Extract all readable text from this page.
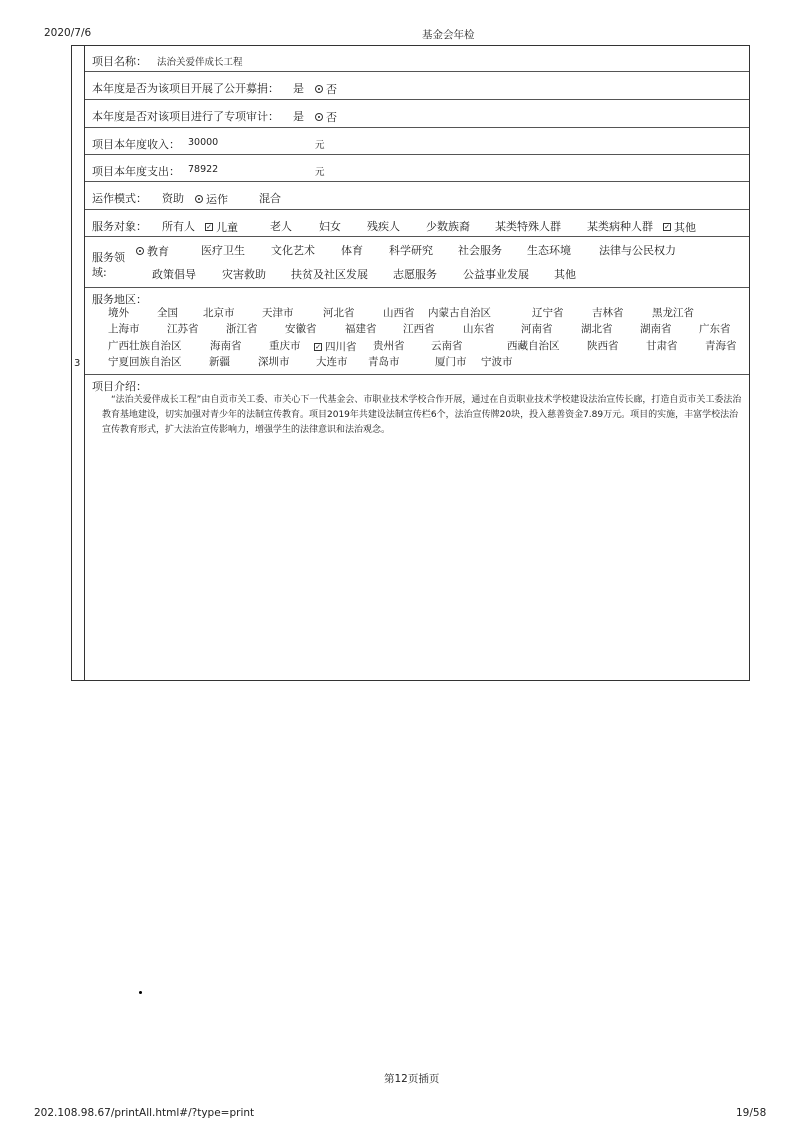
2020/7/6	基金会年检
3
项目名称： 法治关爱伴成长工程
本年度是否为该项目开展了公开募捐： 是 否
本年度是否对该项目进行了专项审计： 是 否
项目本年度收入： 30000	元
项目本年度支出： 78922	元
运作模式： 资助 运作	混合
服务对象： 所有人 ✓ 儿童	老人 妇女 残疾人 少数族裔 某类特殊人群 某类病种人群 ✓ 其他
服务领
域:
教育	医疗卫生 文化艺术 体育 科学研究 社会服务 生态环境	法律与公民权力
政策倡导 灾害救助 扶贫及社区发展 志愿服务 公益事业发展 其他
服务地区：
境外	全国 北京市	天津市	河北省	山西省 内蒙古自治区	辽宁省	吉林省	黑龙江省
上海市	江苏省	浙江省	安徽省	福建省	江西省	山东省	河南省	湖北省	湖南省	广东省
广西壮族自治区	海南省	重庆市 ✓ 四川省 贵州省	云南省	西藏自治区	陕西省	甘肃省	青海省
宁夏回族自治区	新疆	深圳市	大连市 青岛市	厦门市 宁波市
项目介绍：
“法治关爱伴成长工程”由自贡市关工委、市关心下一代基金会、市职业技术学校合作开展，通过在自贡职业技术学校建设法治宣传长廊，打造自贡市关工委法治教育基地建设，切实加强对青少年的法制宣传教育。项目2019年共建设法制宣传栏6个，法治宣传牌20块，投入慈善资金7.89万元。项目的实施，丰富学校法治宣传教育形式，扩大法治宣传影响力，增强学生的法律意识和法治观念。
第12页插页
202.108.98.67/printAll.html#/?type=print	19/58
